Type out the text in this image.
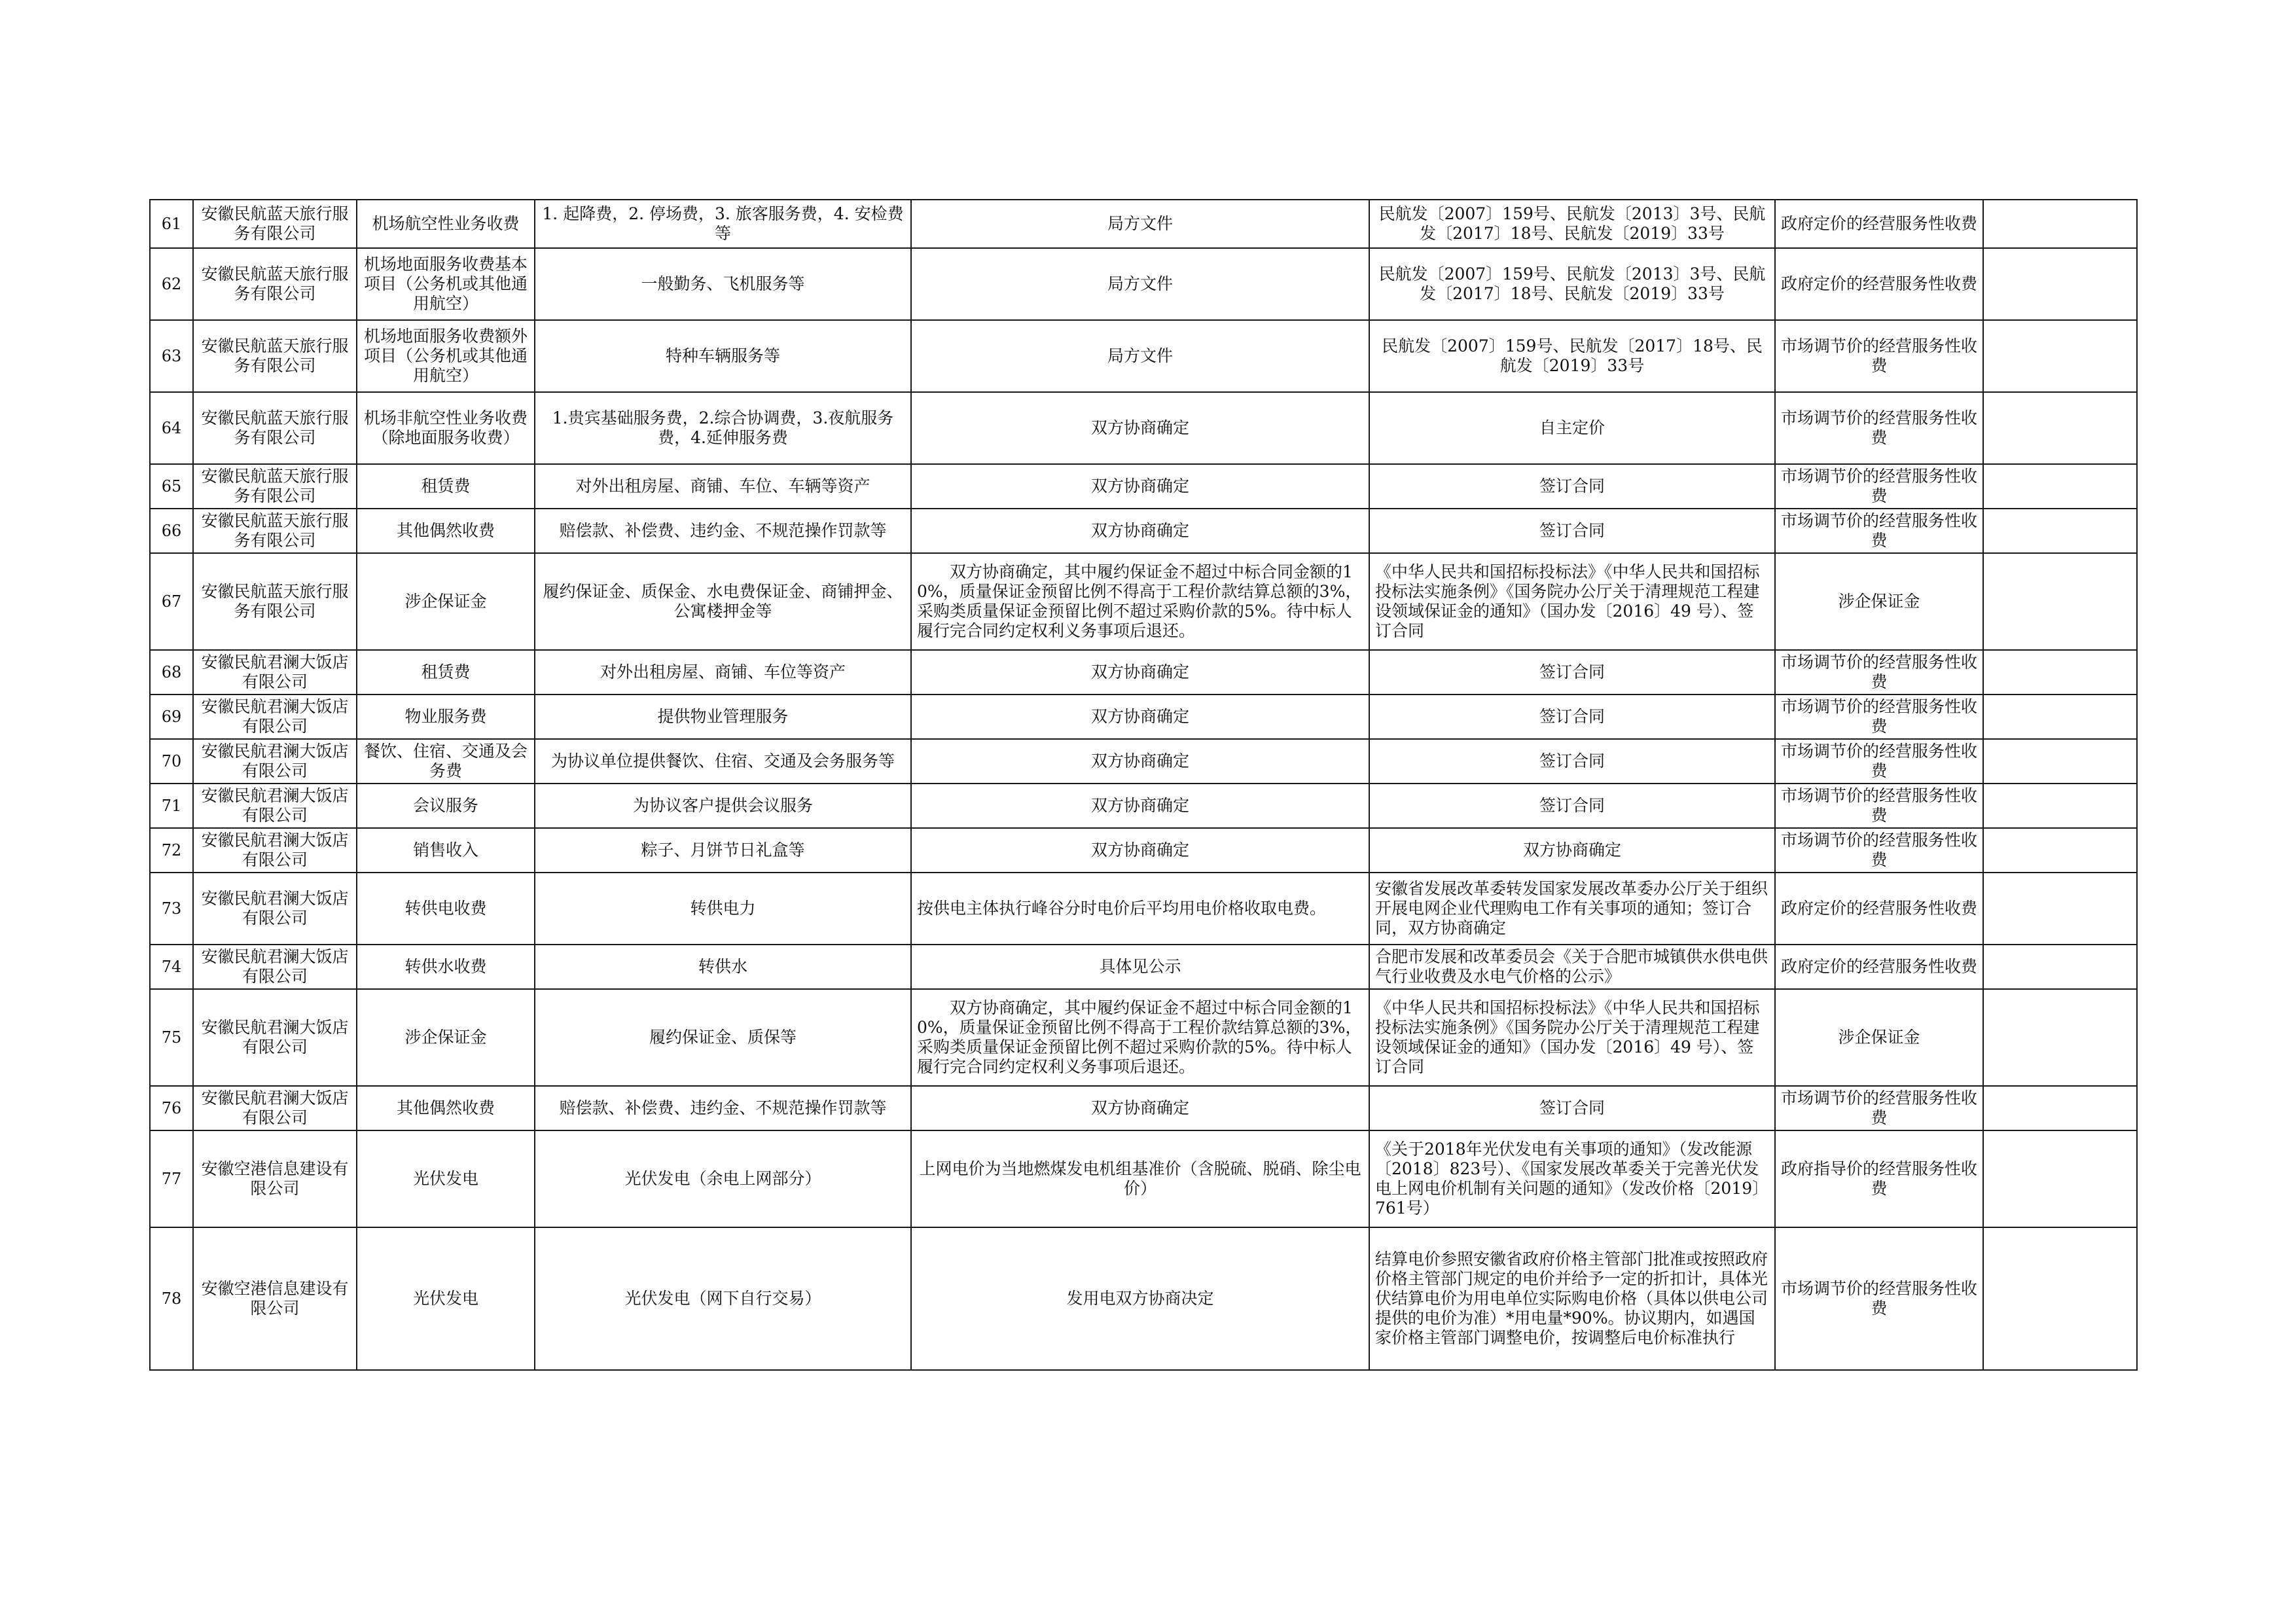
61	安徽民航蓝天旅行服务有限公司	机场航空性业务收费	1. 起降费，2. 停场费，3. 旅客服务费，4. 安检费等	局方文件	民航发〔2007〕159号、民航发〔2013〕3号、民航发〔2017〕18号、民航发〔2019〕33号	政府定价的经营服务性收费	
62	安徽民航蓝天旅行服务有限公司	机场地面服务收费基本项目（公务机或其他通用航空）	一般勤务、飞机服务等	局方文件	民航发〔2007〕159号、民航发〔2013〕3号、民航发〔2017〕18号、民航发〔2019〕33号	政府定价的经营服务性收费	
63	安徽民航蓝天旅行服务有限公司	机场地面服务收费额外项目（公务机或其他通用航空）	特种车辆服务等	局方文件	民航发〔2007〕159号、民航发〔2017〕18号、民航发〔2019〕33号	市场调节价的经营服务性收费	
64	安徽民航蓝天旅行服务有限公司	机场非航空性业务收费（除地面服务收费）	1.贵宾基础服务费，2.综合协调费，3.夜航服务费，4.延伸服务费	双方协商确定	自主定价	市场调节价的经营服务性收费	
65	安徽民航蓝天旅行服务有限公司	租赁费	对外出租房屋、商铺、车位、车辆等资产	双方协商确定	签订合同	市场调节价的经营服务性收费	
66	安徽民航蓝天旅行服务有限公司	其他偶然收费	赔偿款、补偿费、违约金、不规范操作罚款等	双方协商确定	签订合同	市场调节价的经营服务性收费	
67	安徽民航蓝天旅行服务有限公司	涉企保证金	履约保证金、质保金、水电费保证金、商铺押金、公寓楼押金等	双方协商确定，其中履约保证金不超过中标合同金额的10%，质量保证金预留比例不得高于工程价款结算总额的3%，采购类质量保证金预留比例不超过采购价款的5%。待中标人履行完合同约定权利义务事项后退还。	《中华人民共和国招标投标法》《中华人民共和国招标投标法实施条例》《国务院办公厅关于清理规范工程建设领域保证金的通知》（国办发〔2016〕49 号）、签订合同	涉企保证金	
68	安徽民航君澜大饭店有限公司	租赁费	对外出租房屋、商铺、车位等资产	双方协商确定	签订合同	市场调节价的经营服务性收费	
69	安徽民航君澜大饭店有限公司	物业服务费	提供物业管理服务	双方协商确定	签订合同	市场调节价的经营服务性收费	
70	安徽民航君澜大饭店有限公司	餐饮、住宿、交通及会务费	为协议单位提供餐饮、住宿、交通及会务服务等	双方协商确定	签订合同	市场调节价的经营服务性收费	
71	安徽民航君澜大饭店有限公司	会议服务	为协议客户提供会议服务	双方协商确定	签订合同	市场调节价的经营服务性收费	
72	安徽民航君澜大饭店有限公司	销售收入	粽子、月饼节日礼盒等	双方协商确定	双方协商确定	市场调节价的经营服务性收费	
73	安徽民航君澜大饭店有限公司	转供电收费	转供电力	按供电主体执行峰谷分时电价后平均用电价格收取电费。	安徽省发展改革委转发国家发展改革委办公厅关于组织开展电网企业代理购电工作有关事项的通知；签订合同，双方协商确定	政府定价的经营服务性收费	
74	安徽民航君澜大饭店有限公司	转供水收费	转供水	具体见公示	合肥市发展和改革委员会《关于合肥市城镇供水供电供气行业收费及水电气价格的公示》	政府定价的经营服务性收费	
75	安徽民航君澜大饭店有限公司	涉企保证金	履约保证金、质保等	双方协商确定，其中履约保证金不超过中标合同金额的10%，质量保证金预留比例不得高于工程价款结算总额的3%，采购类质量保证金预留比例不超过采购价款的5%。待中标人履行完合同约定权利义务事项后退还。	《中华人民共和国招标投标法》《中华人民共和国招标投标法实施条例》《国务院办公厅关于清理规范工程建设领域保证金的通知》（国办发〔2016〕49 号）、签订合同	涉企保证金	
76	安徽民航君澜大饭店有限公司	其他偶然收费	赔偿款、补偿费、违约金、不规范操作罚款等	双方协商确定	签订合同	市场调节价的经营服务性收费	
77	安徽空港信息建设有限公司	光伏发电	光伏发电（余电上网部分）	上网电价为当地燃煤发电机组基准价（含脱硫、脱硝、除尘电价）	《关于2018年光伏发电有关事项的通知》（发改能源〔2018〕823号）、《国家发展改革委关于完善光伏发电上网电价机制有关问题的通知》（发改价格〔2019〕761号）	政府指导价的经营服务性收费	
78	安徽空港信息建设有限公司	光伏发电	光伏发电（网下自行交易）	发用电双方协商决定	结算电价参照安徽省政府价格主管部门批准或按照政府价格主管部门规定的电价并给予一定的折扣计，具体光伏结算电价为用电单位实际购电价格（具体以供电公司提供的电价为准）*用电量*90%。协议期内，如遇国家价格主管部门调整电价，按调整后电价标准执行	市场调节价的经营服务性收费	
